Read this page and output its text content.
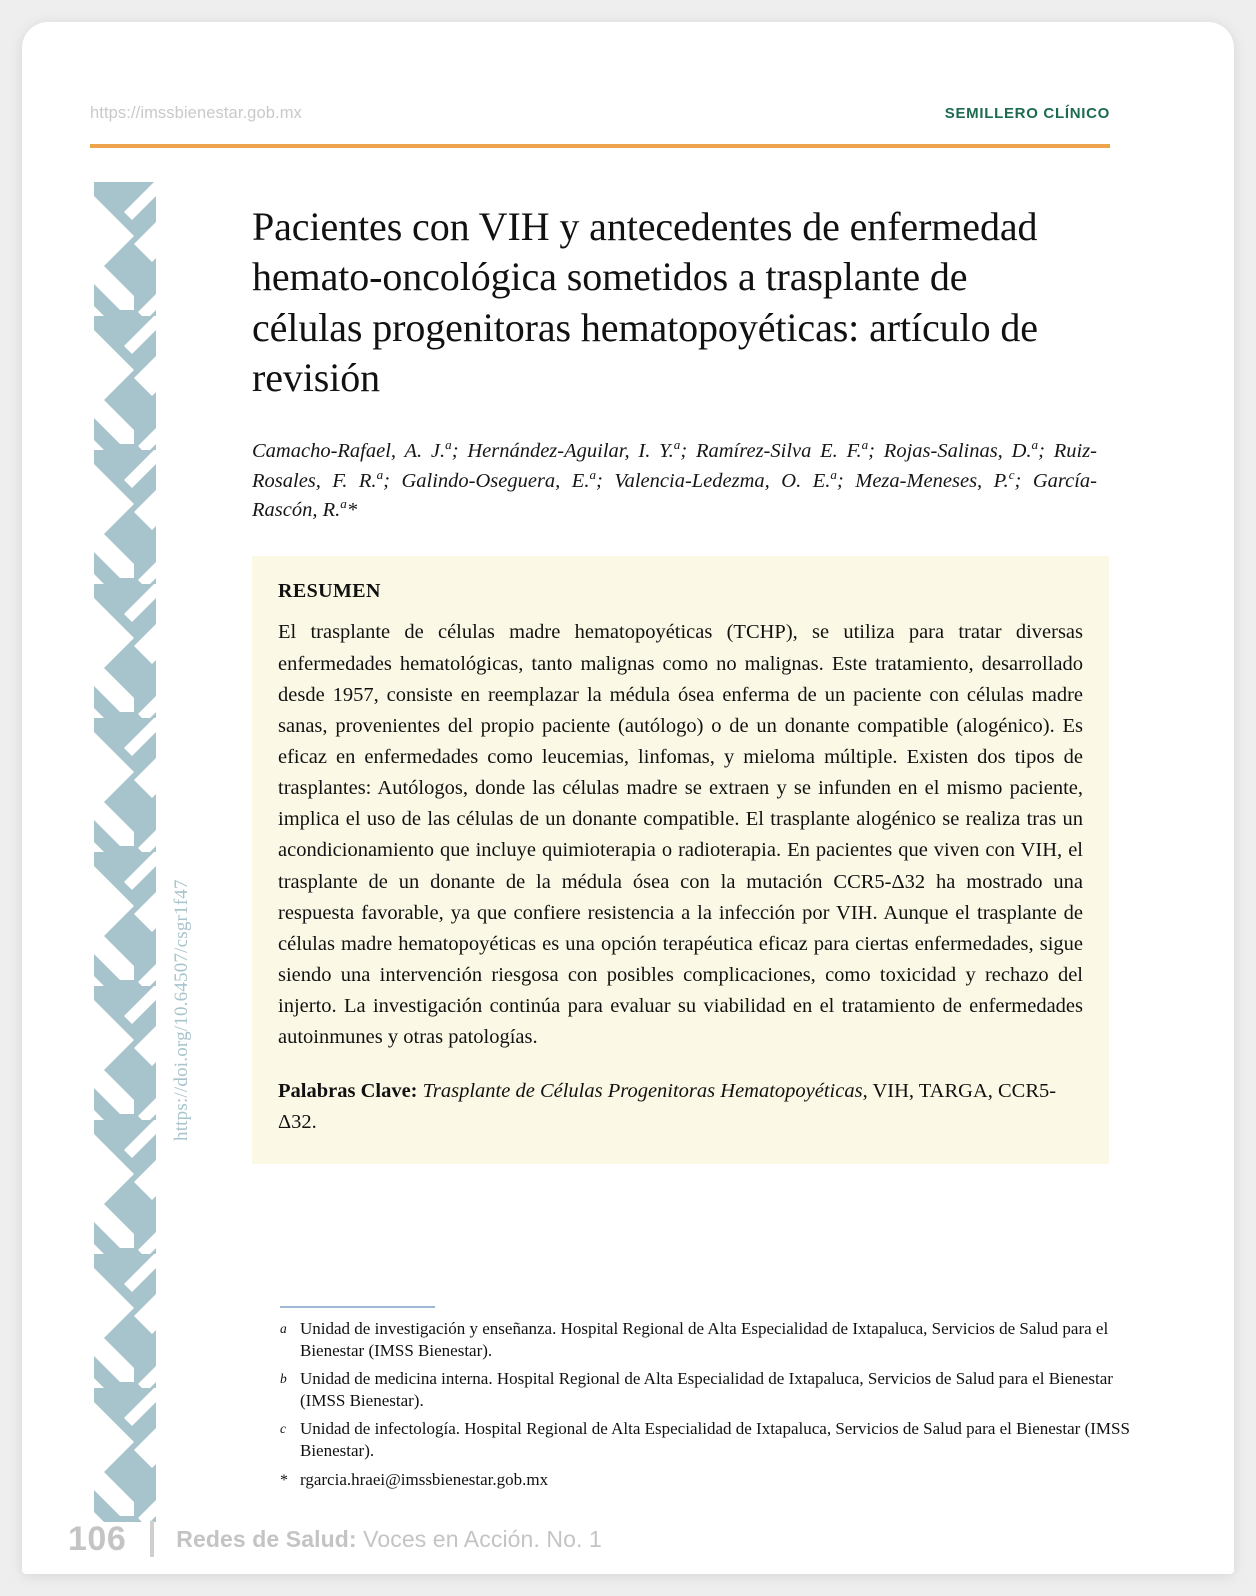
https://imssbienestar.gob.mx	SEMILLERO CLÍNICO
https://doi.org/10.64507/csgr1f47
Pacientes con VIH y antecedentes de enfermedad hemato-oncológica sometidos a trasplante de células progenitoras hematopoyéticas: artículo de revisión
Camacho-Rafael, A. J.$^a$; Hernández-Aguilar, I. Y.$^a$; Ramírez-Silva E. F.$^a$; Rojas-Salinas, D.$^a$; Ruiz-Rosales, F. R.$^a$; Galindo-Oseguera, E.$^a$; Valencia-Ledezma, O. E.$^a$; Meza-Meneses, P.$^c$; García-Rascón, R.$^a$*
RESUMEN

El trasplante de células madre hematopoyéticas (TCHP), se utiliza para tratar diversas enfermedades hematológicas, tanto malignas como no malignas. Este tratamiento, desarrollado desde 1957, consiste en reemplazar la médula ósea enferma de un paciente con células madre sanas, provenientes del propio paciente (autólogo) o de un donante compatible (alogénico). Es eficaz en enfermedades como leucemias, linfomas, y mieloma múltiple. Existen dos tipos de trasplantes: Autólogos, donde las células madre se extraen y se infunden en el mismo paciente, implica el uso de las células de un donante compatible. El trasplante alogénico se realiza tras un acondicionamiento que incluye quimioterapia o radioterapia. En pacientes que viven con VIH, el trasplante de un donante de la médula ósea con la mutación CCR5-Δ32 ha mostrado una respuesta favorable, ya que confiere resistencia a la infección por VIH. Aunque el trasplante de células madre hematopoyéticas es una opción terapéutica eficaz para ciertas enfermedades, sigue siendo una intervención riesgosa con posibles complicaciones, como toxicidad y rechazo del injerto. La investigación continúa para evaluar su viabilidad en el tratamiento de enfermedades autoinmunes y otras patologías.

Palabras Clave: Trasplante de Células Progenitoras Hematopoyéticas, VIH, TARGA, CCR5-Δ32.
a Unidad de investigación y enseñanza. Hospital Regional de Alta Especialidad de Ixtapaluca, Servicios de Salud para el Bienestar (IMSS Bienestar).
b Unidad de medicina interna. Hospital Regional de Alta Especialidad de Ixtapaluca, Servicios de Salud para el Bienestar (IMSS Bienestar).
c Unidad de infectología. Hospital Regional de Alta Especialidad de Ixtapaluca, Servicios de Salud para el Bienestar (IMSS Bienestar).
* rgarcia.hraei@imssbienestar.gob.mx
106 Redes de Salud: Voces en Acción. No. 1
